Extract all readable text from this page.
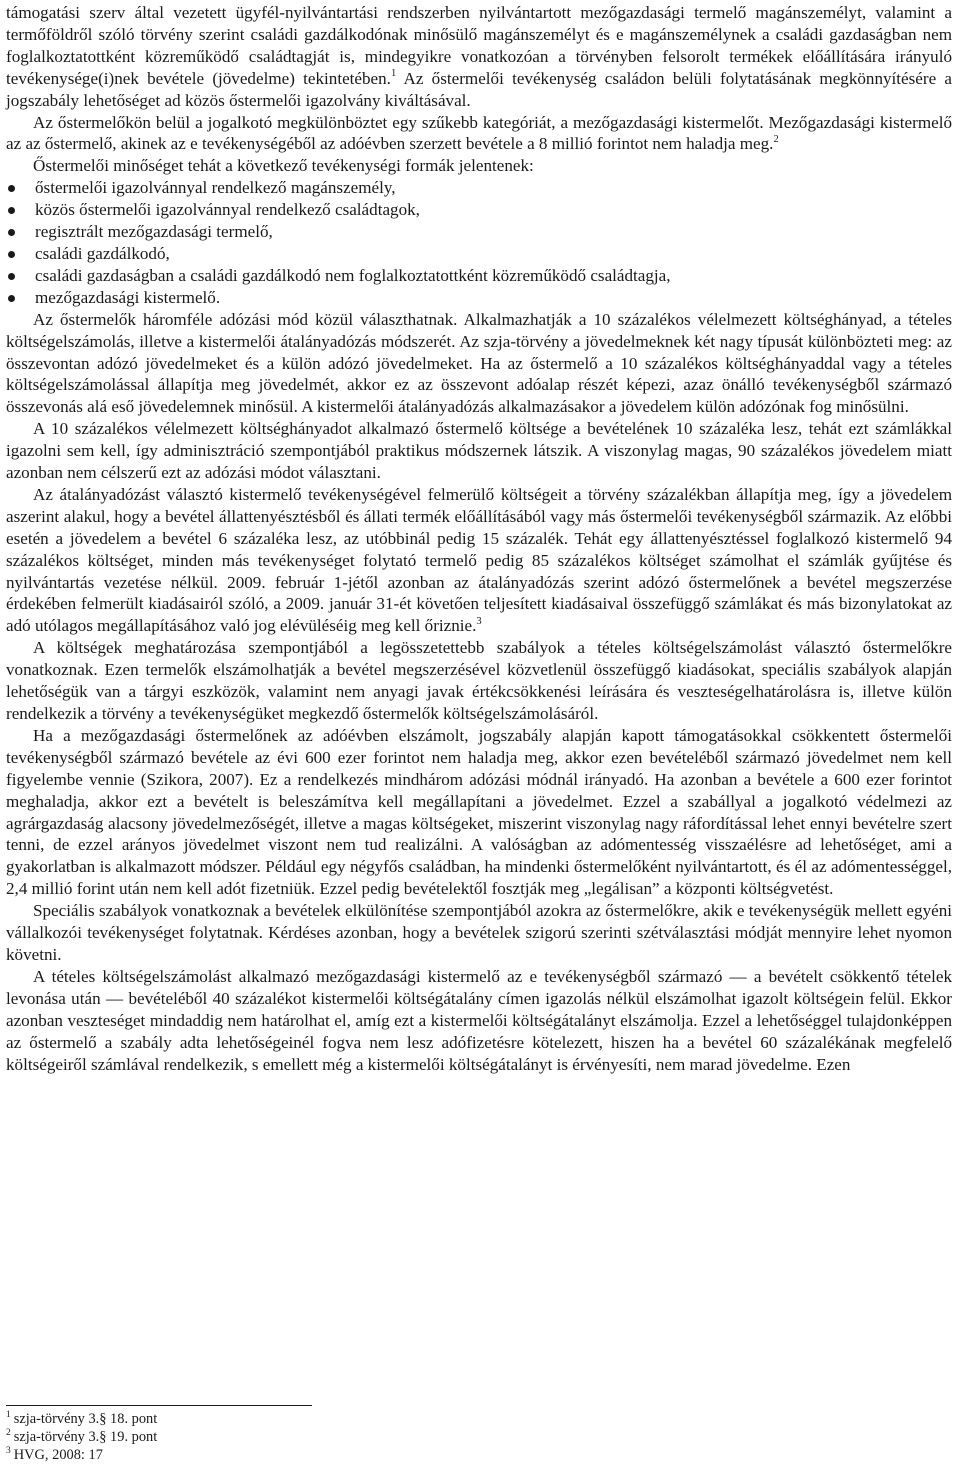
támogatási szerv által vezetett ügyfél-nyilvántartási rendszerben nyilvántartott mezőgazdasági termelő magánszemélyt, valamint a termőföldről szóló törvény szerint családi gazdálkodónak minősülő magánszemélyt és e magánszemélynek a családi gazdaságban nem foglalkoztatottként közreműködő családtagját is, mindegyikre vonatkozóan a törvényben felsorolt termékek előállítására irányuló tevékenysége(i)nek bevétele (jövedelme) tekintetében.$^1$ Az őstermelői tevékenység családon belüli folytatásának megkönnyítésére a jogszabály lehetőséget ad közös őstermelői igazolvány kiváltásával.

Az őstermelőkön belül a jogalkotó megkülönböztet egy szűkebb kategóriát, a mezőgazdasági kistermelőt. Mezőgazdasági kistermelő az az őstermelő, akinek az e tevékenységéből az adóévben szerzett bevétele a 8 millió forintot nem haladja meg.$^2$

Őstermelői minőséget tehát a következő tevékenységi formák jelentenek:

őstermelői igazolvánnyal rendelkező magánszemély,
közös őstermelői igazolvánnyal rendelkező családtagok,
regisztrált mezőgazdasági termelő,
családi gazdálkodó,
családi gazdaságban a családi gazdálkodó nem foglalkoztatottként közreműködő családtagja,
mezőgazdasági kistermelő.

Az őstermelők háromféle adózási mód közül választhatnak. Alkalmazhatják a 10 százalékos vélelmezett költséghányad, a tételes költségelszámolás, illetve a kistermelői átalányadózás módszerét. Az szja-törvény a jövedelmeknek két nagy típusát különbözteti meg: az összevontan adózó jövedelmeket és a külön adózó jövedelmeket. Ha az őstermelő a 10 százalékos költséghányaddal vagy a tételes költségelszámolással állapítja meg jövedelmét, akkor ez az összevont adóalap részét képezi, azaz önálló tevékenységből származó összevonás alá eső jövedelemnek minősül. A kistermelői átalányadózás alkalmazásakor a jövedelem külön adózónak fog minősülni.

A 10 százalékos vélelmezett költséghányadot alkalmazó őstermelő költsége a bevételének 10 százaléka lesz, tehát ezt számlákkal igazolni sem kell, így adminisztráció szempontjából praktikus módszernek látszik. A viszonylag magas, 90 százalékos jövedelem miatt azonban nem célszerű ezt az adózási módot választani.

Az átalányadózást választó kistermelő tevékenységével felmerülő költségeit a törvény százalékban állapítja meg, így a jövedelem aszerint alakul, hogy a bevétel állattenyésztésből és állati termék előállításából vagy más őstermelői tevékenységből származik. Az előbbi esetén a jövedelem a bevétel 6 százaléka lesz, az utóbbinál pedig 15 százalék. Tehát egy állattenyésztéssel foglalkozó kistermelő 94 százalékos költséget, minden más tevékenységet folytató termelő pedig 85 százalékos költséget számolhat el számlák gyűjtése és nyilvántartás vezetése nélkül. 2009. február 1-jétől azonban az átalányadózás szerint adózó őstermelőnek a bevétel megszerzése érdekében felmerült kiadásairól szóló, a 2009. január 31-ét követően teljesített kiadásaival összefüggő számlákat és más bizonylatokat az adó utólagos megállapításához való jog elévüléséig meg kell őriznie.$^3$

A költségek meghatározása szempontjából a legösszetettebb szabályok a tételes költségelszámolást választó őstermelőkre vonatkoznak. Ezen termelők elszámolhatják a bevétel megszerzésével közvetlenül összefüggő kiadásokat, speciális szabályok alapján lehetőségük van a tárgyi eszközök, valamint nem anyagi javak értékcsökkenési leírására és veszteségelhatárolásra is, illetve külön rendelkezik a törvény a tevékenységüket megkezdő őstermelők költségelszámolásáról.

Ha a mezőgazdasági őstermelőnek az adóévben elszámolt, jogszabály alapján kapott támogatásokkal csökkentett őstermelői tevékenységből származó bevétele az évi 600 ezer forintot nem haladja meg, akkor ezen bevételéből származó jövedelmet nem kell figyelembe vennie (Szikora, 2007). Ez a rendelkezés mindhárom adózási módnál irányadó. Ha azonban a bevétele a 600 ezer forintot meghaladja, akkor ezt a bevételt is beleszámítva kell megállapítani a jövedelmet. Ezzel a szabállyal a jogalkotó védelmezi az agrárgazdaság alacsony jövedelmezőségét, illetve a magas költségeket, miszerint viszonylag nagy ráfordítással lehet ennyi bevételre szert tenni, de ezzel arányos jövedelmet viszont nem tud realizálni. A valóságban az adómentesség visszaélésre ad lehetőséget, ami a gyakorlatban is alkalmazott módszer. Például egy négyfős családban, ha mindenki őstermelőként nyilvántartott, és él az adómentességgel, 2,4 millió forint után nem kell adót fizetniük. Ezzel pedig bevételektől fosztják meg „legálisan” a központi költségvetést.

Speciális szabályok vonatkoznak a bevételek elkülönítése szempontjából azokra az őstermelőkre, akik e tevékenységük mellett egyéni vállalkozói tevékenységet folytatnak. Kérdéses azonban, hogy a bevételek szigorú szerinti szétválasztási módját mennyire lehet nyomon követni.

A tételes költségelszámolást alkalmazó mezőgazdasági kistermelő az e tevékenységből származó — a bevételt csökkentő tételek levonása után — bevételéből 40 százalékot kistermelői költségátalány címen igazolás nélkül elszámolhat igazolt költségein felül. Ekkor azonban veszteséget mindaddig nem határolhat el, amíg ezt a kistermelői költségátalányt elszámolja. Ezzel a lehetőséggel tulajdonképpen az őstermelő a szabály adta lehetőségeinél fogva nem lesz adófizetésre kötelezett, hiszen ha a bevétel 60 százalékának megfelelő költségeiről számlával rendelkezik, s emellett még a kistermelői költségátalányt is érvényesíti, nem marad jövedelme. Ezen

$^1$ szja-törvény 3.§ 18. pont
$^2$ szja-törvény 3.§ 19. pont
$^3$ HVG, 2008: 17
